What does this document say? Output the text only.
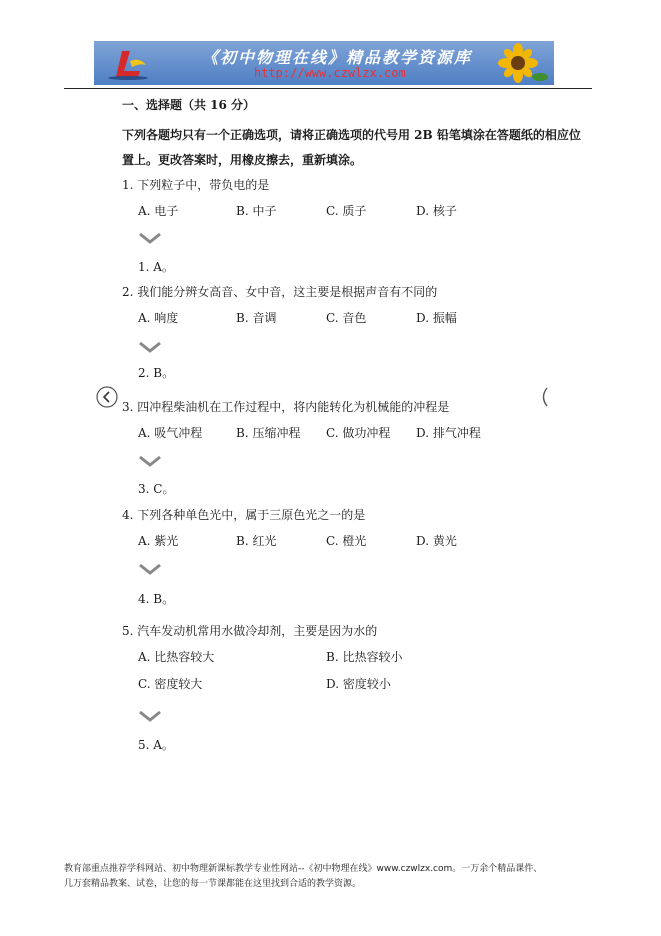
《初中物理在线》精品教学资源库
http://www.czwlzx.com
一、选择题（共 16 分）
下列各题均只有一个正确选项，请将正确选项的代号用 2B 铅笔填涂在答题纸的相应位
置上。更改答案时，用橡皮擦去，重新填涂。
1. 下列粒子中，带负电的是
A. 电子	B. 中子	C. 质子	D. 核子
1. A。
2. 我们能分辨女高音、女中音，这主要是根据声音有不同的
A. 响度	B. 音调	C. 音色	D. 振幅
2. B。
3. 四冲程柴油机在工作过程中，将内能转化为机械能的冲程是
A. 吸气冲程	B. 压缩冲程 C. 做功冲程 D. 排气冲程
3. C。
4. 下列各种单色光中，属于三原色光之一的是
A. 紫光	B. 红光	C. 橙光	D. 黄光
4. B。
5. 汽车发动机常用水做冷却剂，主要是因为水的
A. 比热容较大	B. 比热容较小
C. 密度较大	D. 密度较小
5. A。
教育部重点推荐学科网站、初中物理新课标教学专业性网站--《初中物理在线》www.czwlzx.com。一万余个精品课件、
几万套精品教案、试卷，让您的每一节课都能在这里找到合适的教学资源。
